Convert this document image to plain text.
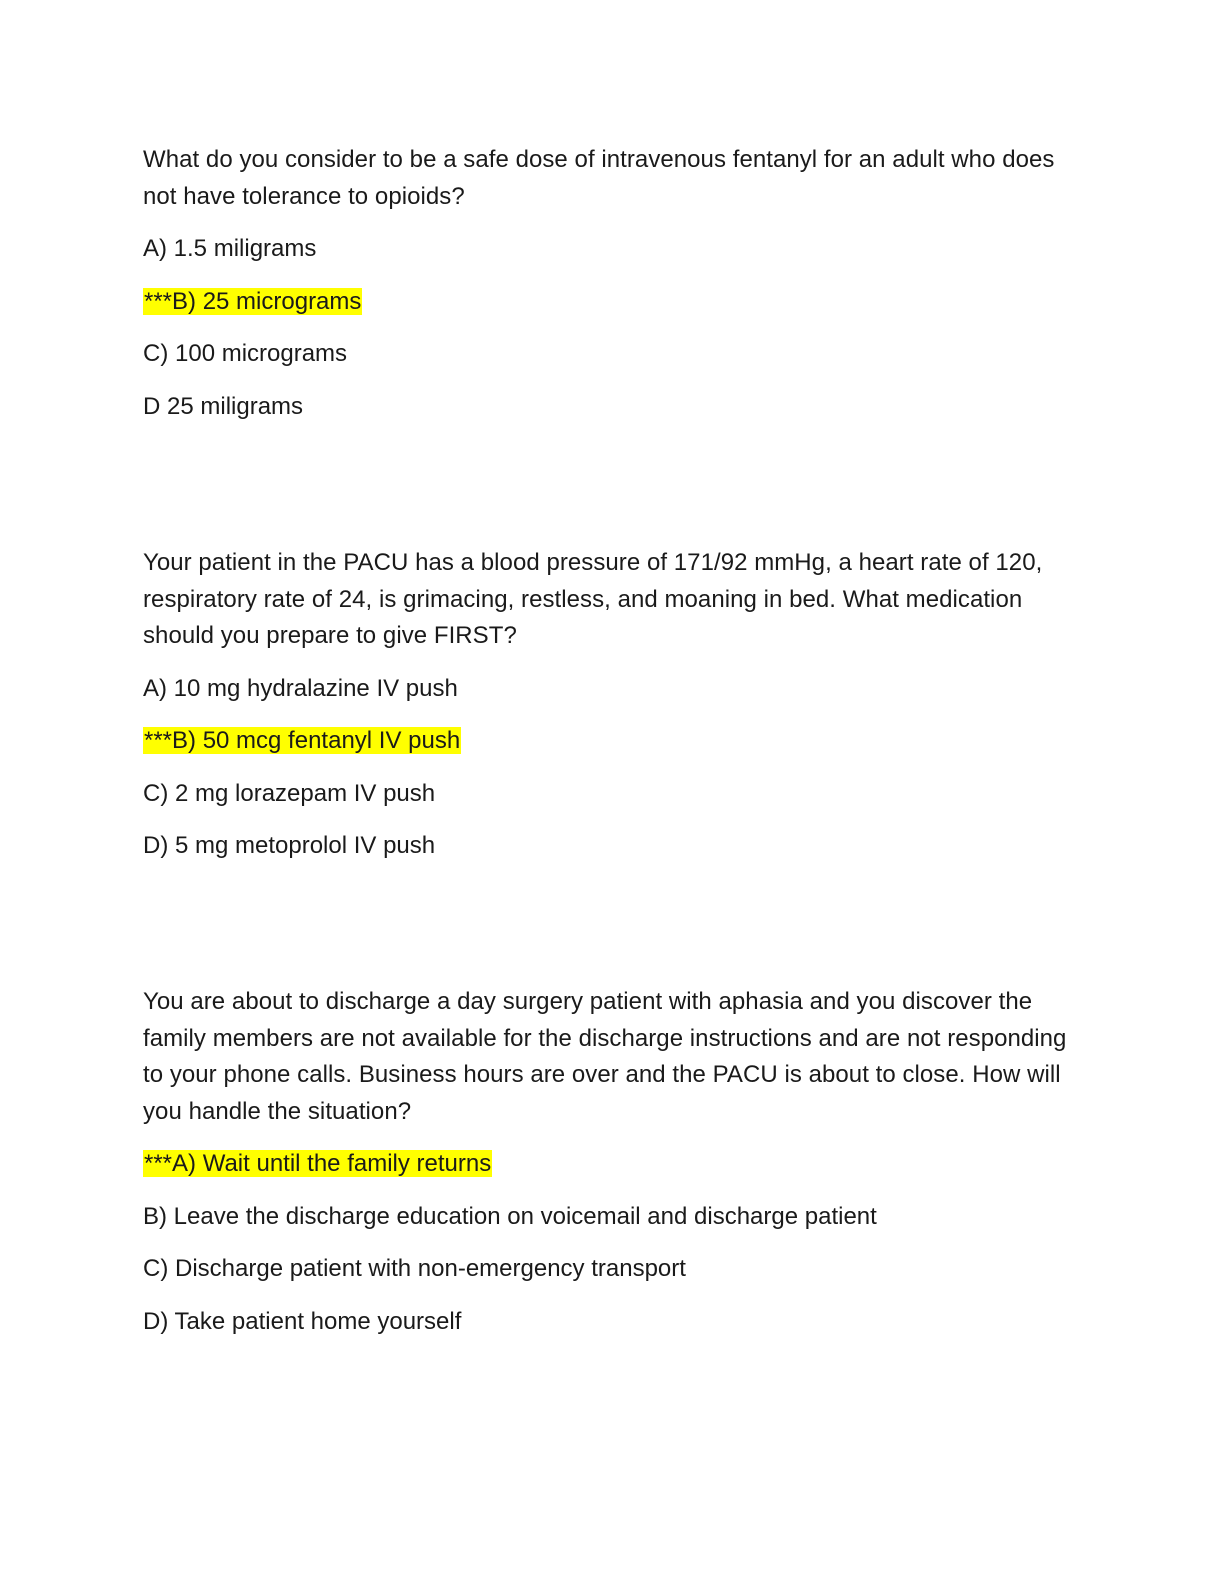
What do you consider to be a safe dose of intravenous fentanyl for an adult who does not have tolerance to opioids?

A) 1.5 miligrams

***B) 25 micrograms

C) 100 micrograms

D 25 miligrams

Your patient in the PACU has a blood pressure of 171/92 mmHg, a heart rate of 120, respiratory rate of 24, is grimacing, restless, and moaning in bed. What medication should you prepare to give FIRST?

A) 10 mg hydralazine IV push

***B) 50 mcg fentanyl IV push

C) 2 mg lorazepam IV push

D) 5 mg metoprolol IV push

You are about to discharge a day surgery patient with aphasia and you discover the family members are not available for the discharge instructions and are not responding to your phone calls. Business hours are over and the PACU is about to close. How will you handle the situation?

***A) Wait until the family returns

B) Leave the discharge education on voicemail and discharge patient

C) Discharge patient with non-emergency transport

D) Take patient home yourself
